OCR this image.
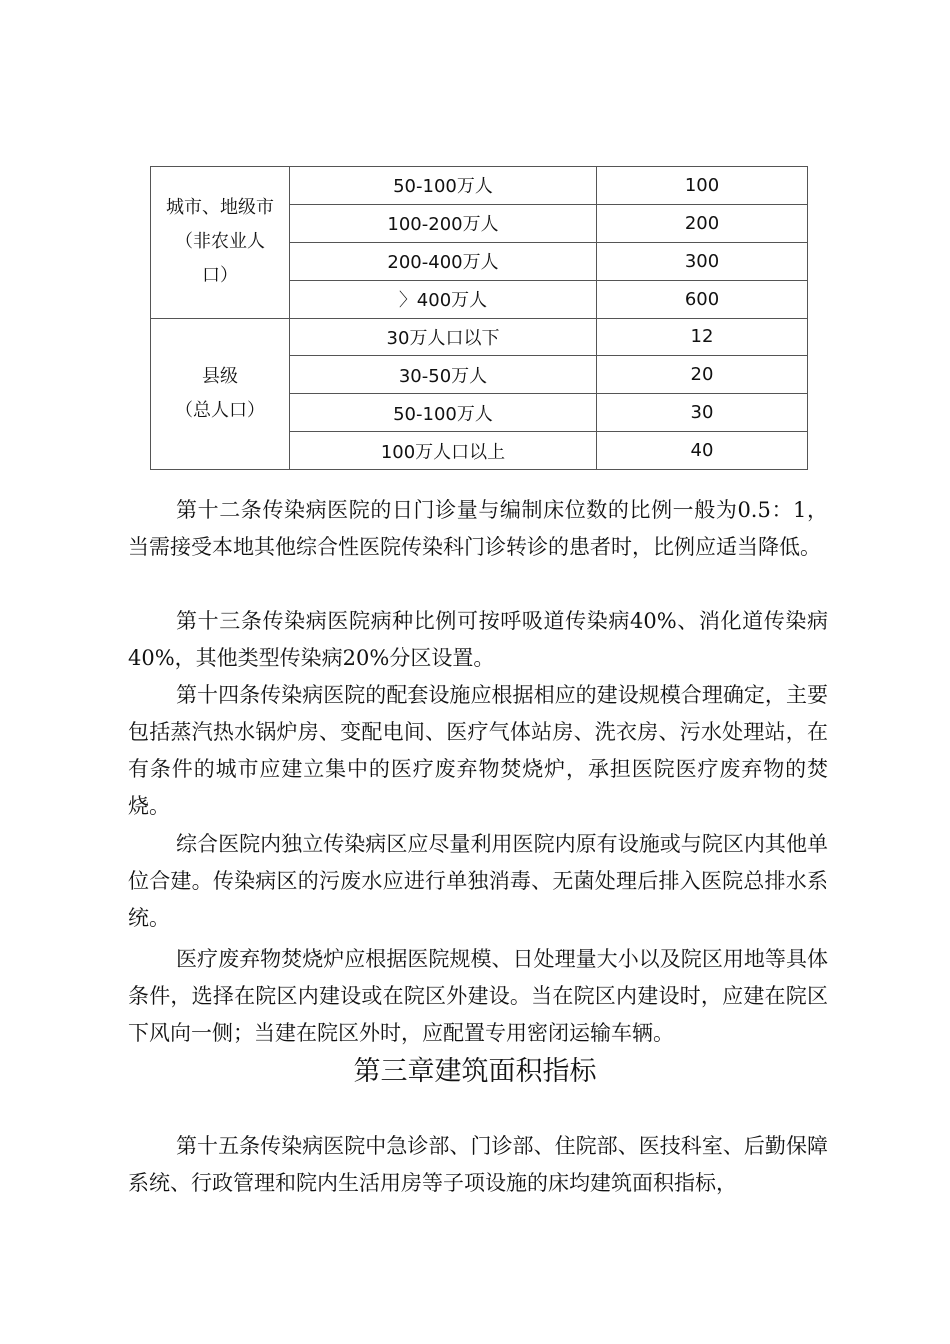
城市、地级市
（非农业人
口）	50-100万人	100
	100-200万人	200
	200-400万人	300
	〉400万人	600

县级
（总人口）	30万人口以下	12
	30-50万人	20
	50-100万人	30
	100万人口以上	40

第十二条传染病医院的日门诊量与编制床位数的比例一般为0.5：1，当需接受本地其他综合性医院传染科门诊转诊的患者时，比例应适当降低。

第十三条传染病医院病种比例可按呼吸道传染病40%、消化道传染病40%，其他类型传染病20%分区设置。

第十四条传染病医院的配套设施应根据相应的建设规模合理确定，主要包括蒸汽热水锅炉房、变配电间、医疗气体站房、洗衣房、污水处理站，在有条件的城市应建立集中的医疗废弃物焚烧炉，承担医院医疗废弃物的焚烧。

综合医院内独立传染病区应尽量利用医院内原有设施或与院区内其他单位合建。传染病区的污废水应进行单独消毒、无菌处理后排入医院总排水系统。

医疗废弃物焚烧炉应根据医院规模、日处理量大小以及院区用地等具体条件，选择在院区内建设或在院区外建设。当在院区内建设时，应建在院区下风向一侧；当建在院区外时，应配置专用密闭运输车辆。

第三章建筑面积指标

第十五条传染病医院中急诊部、门诊部、住院部、医技科室、后勤保障系统、行政管理和院内生活用房等子项设施的床均建筑面积指标，
